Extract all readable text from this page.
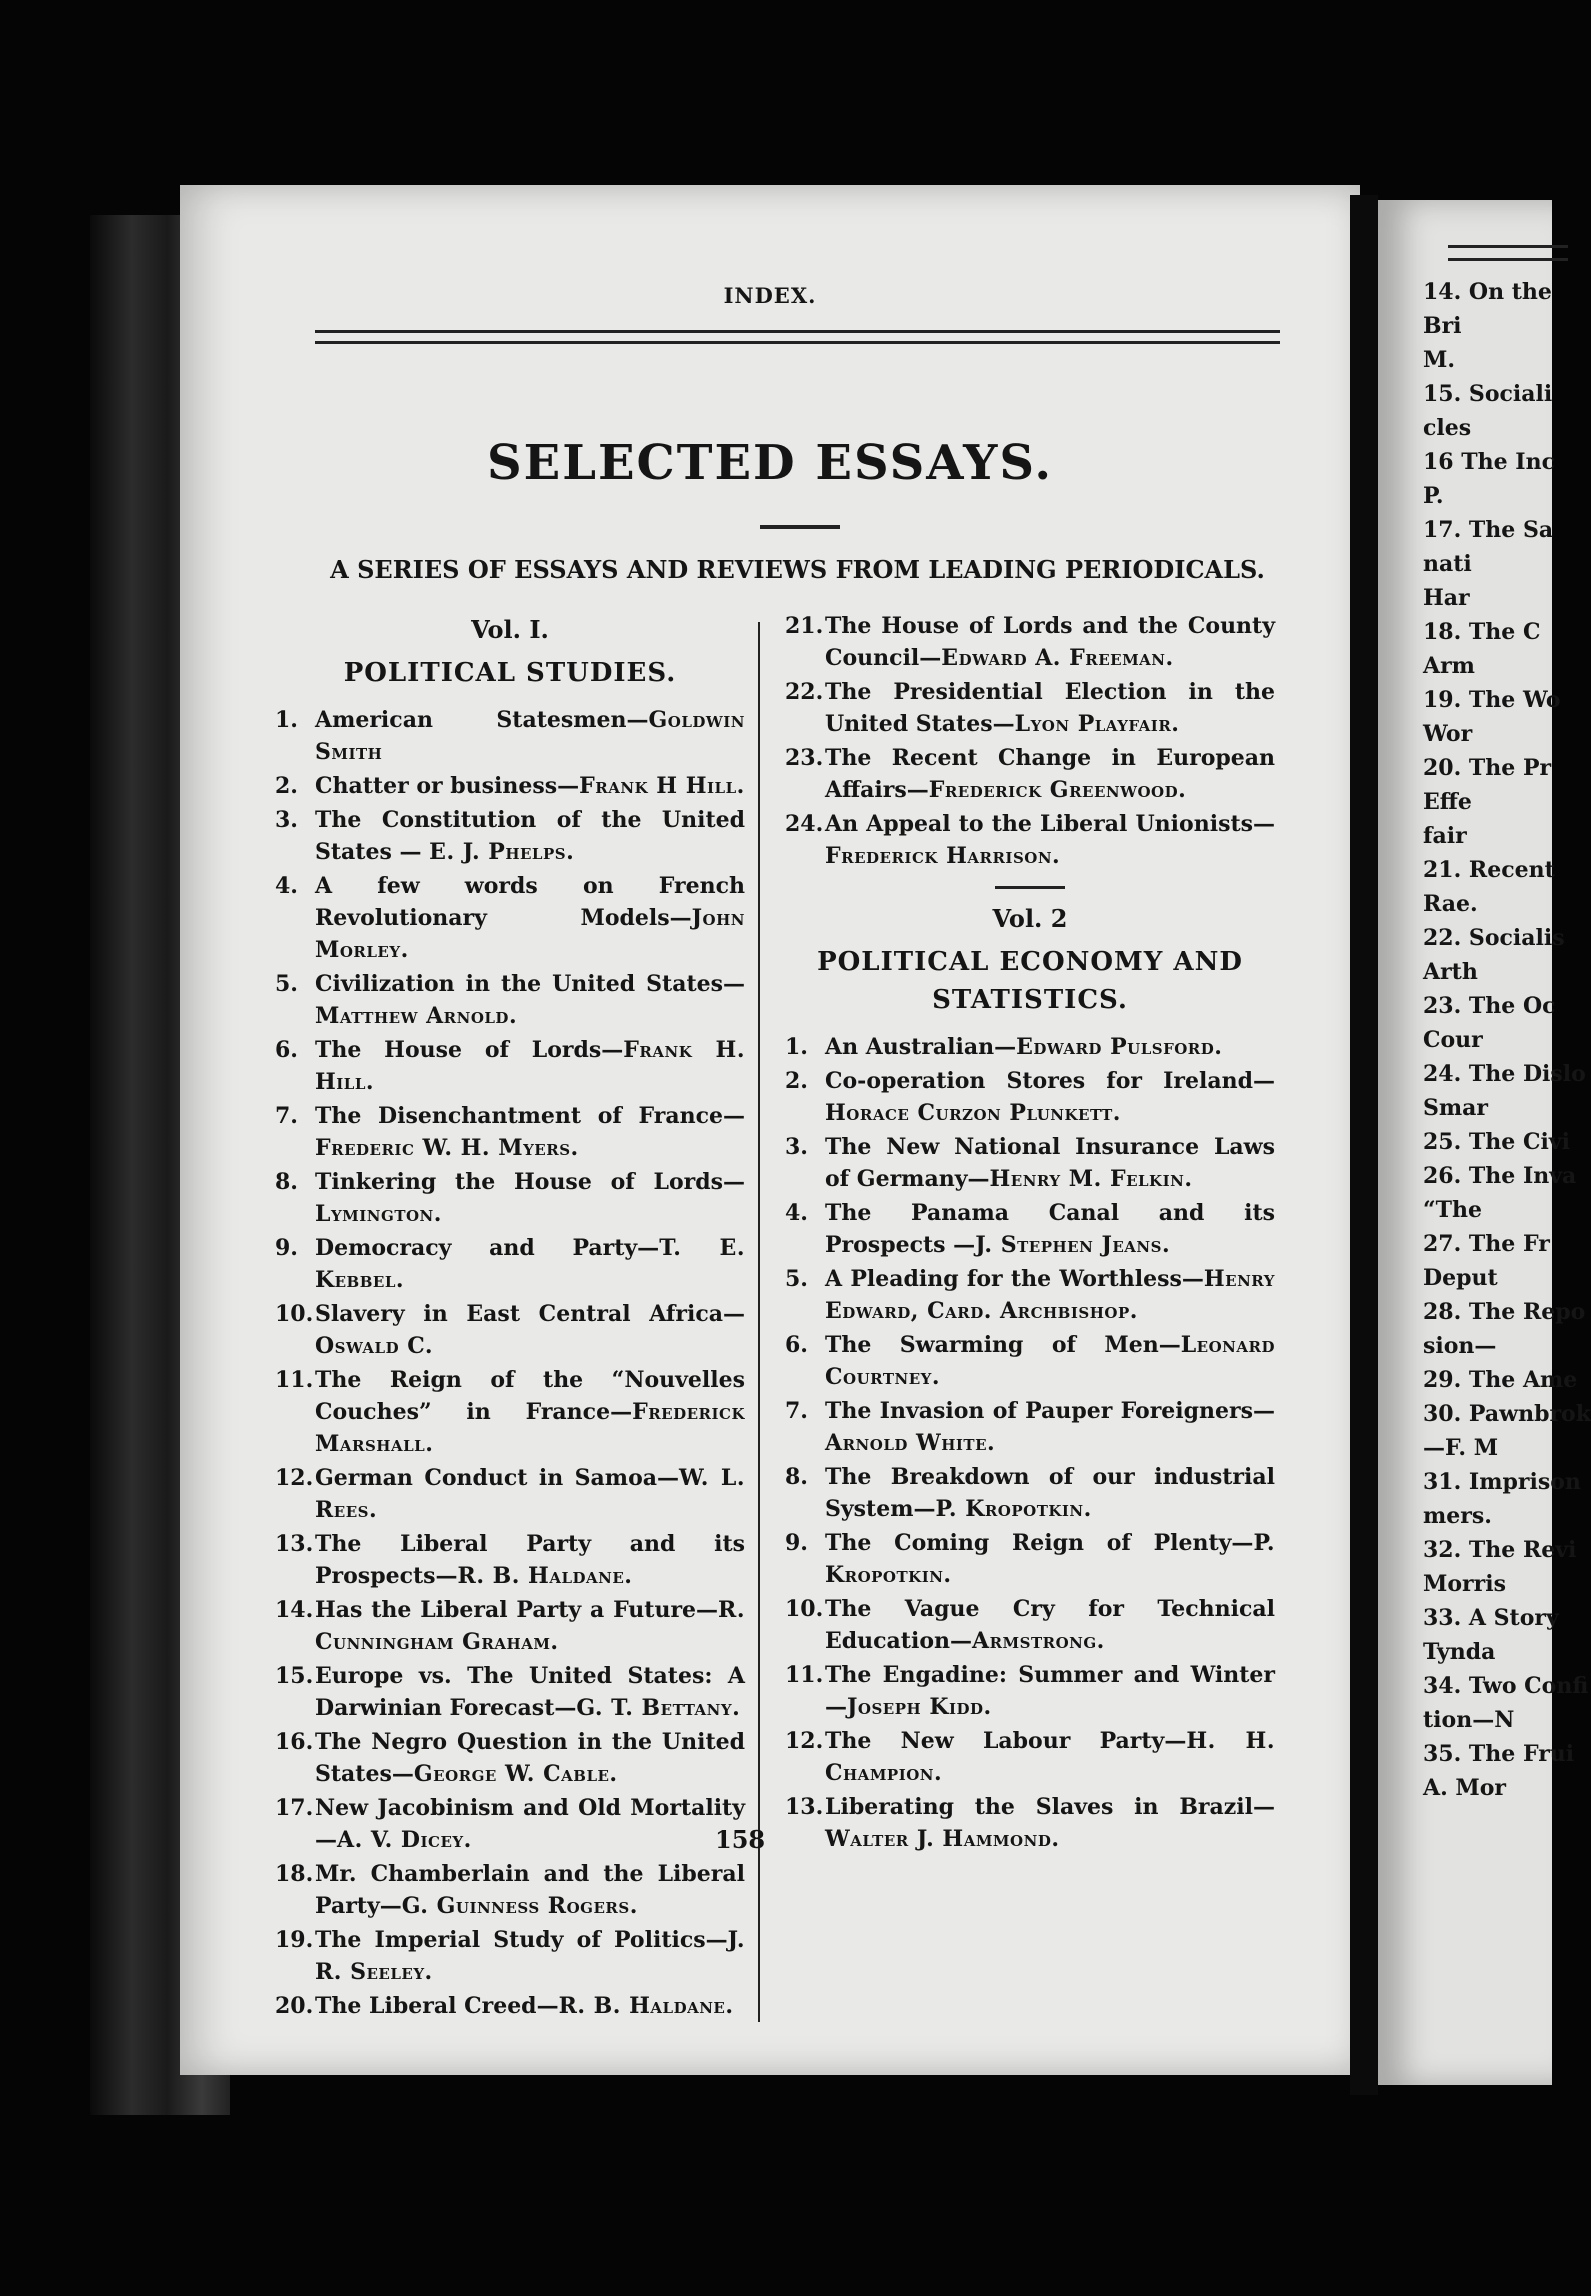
INDEX.
SELECTED ESSAYS.
A SERIES OF ESSAYS AND REVIEWS FROM LEADING PERIODICALS.
Vol. I.
POLITICAL STUDIES.
1. American Statesmen—Goldwin Smith
2. Chatter or business—Frank H Hill.
3. The Constitution of the United States — E. J. Phelps.
4. A few words on French Revolutionary Models—John Morley.
5. Civilization in the United States—Matthew Arnold.
6. The House of Lords—Frank H. Hill.
7. The Disenchantment of France—Frederic W. H. Myers.
8. Tinkering the House of Lords—Lymington.
9. Democracy and Party—T. E. Kebbel.
10. Slavery in East Central Africa—Oswald C.
11. The Reign of the “Nouvelles Couches” in France—Frederick Marshall.
12. German Conduct in Samoa—W. L. Rees.
13. The Liberal Party and its Prospects—R. B. Haldane.
14. Has the Liberal Party a Future—R. Cunningham Graham.
15. Europe vs. The United States: A Darwinian Forecast—G. T. Bettany.
16. The Negro Question in the United States—George W. Cable.
17. New Jacobinism and Old Mortality—A. V. Dicey.
18. Mr. Chamberlain and the Liberal Party—G. Guinness Rogers.
19. The Imperial Study of Politics—J. R. Seeley.
20. The Liberal Creed—R. B. Haldane.
21. The House of Lords and the County Council—Edward A. Freeman.
22. The Presidential Election in the United States—Lyon Playfair.
23. The Recent Change in European Affairs—Frederick Greenwood.
24. An Appeal to the Liberal Unionists—Frederick Harrison.
Vol. 2
POLITICAL ECONOMY AND STATISTICS.
1. An Australian—Edward Pulsford.
2. Co-operation Stores for Ireland—Horace Curzon Plunkett.
3. The New National Insurance Laws of Germany—Henry M. Felkin.
4. The Panama Canal and its Prospects —J. Stephen Jeans.
5. A Pleading for the Worthless—Henry Edward, Card. Archbishop.
6. The Swarming of Men—Leonard Courtney.
7. The Invasion of Pauper Foreigners—Arnold White.
8. The Breakdown of our industrial System—P. Kropotkin.
9. The Coming Reign of Plenty—P. Kropotkin.
10. The Vague Cry for Technical Education—Armstrong.
11. The Engadine: Summer and Winter—Joseph Kidd.
12. The New Labour Party—H. H. Champion.
13. Liberating the Slaves in Brazil—Walter J. Hammond.
158
14. On the
Bri
M.
15. Sociali
cles
16 The Inc
P.
17. The Sa
nati
Har
18. The C
Arm
19. The Wo
Wor
20. The Pr
Effe
fair
21. Recent
Rae.
22. Socialis
Arth
23. The Oc
Cour
24. The Dislo
Smar
25. The Civi
26. The Inva
“The
27. The Fr
Deput
28. The Repo
sion—
29. The Ame
30. Pawnbrok
—F. M
31. Imprison
mers.
32. The Revi
Morris
33. A Story
Tynda
34. Two Confi
tion—N
35. The Frui
A. Mor
